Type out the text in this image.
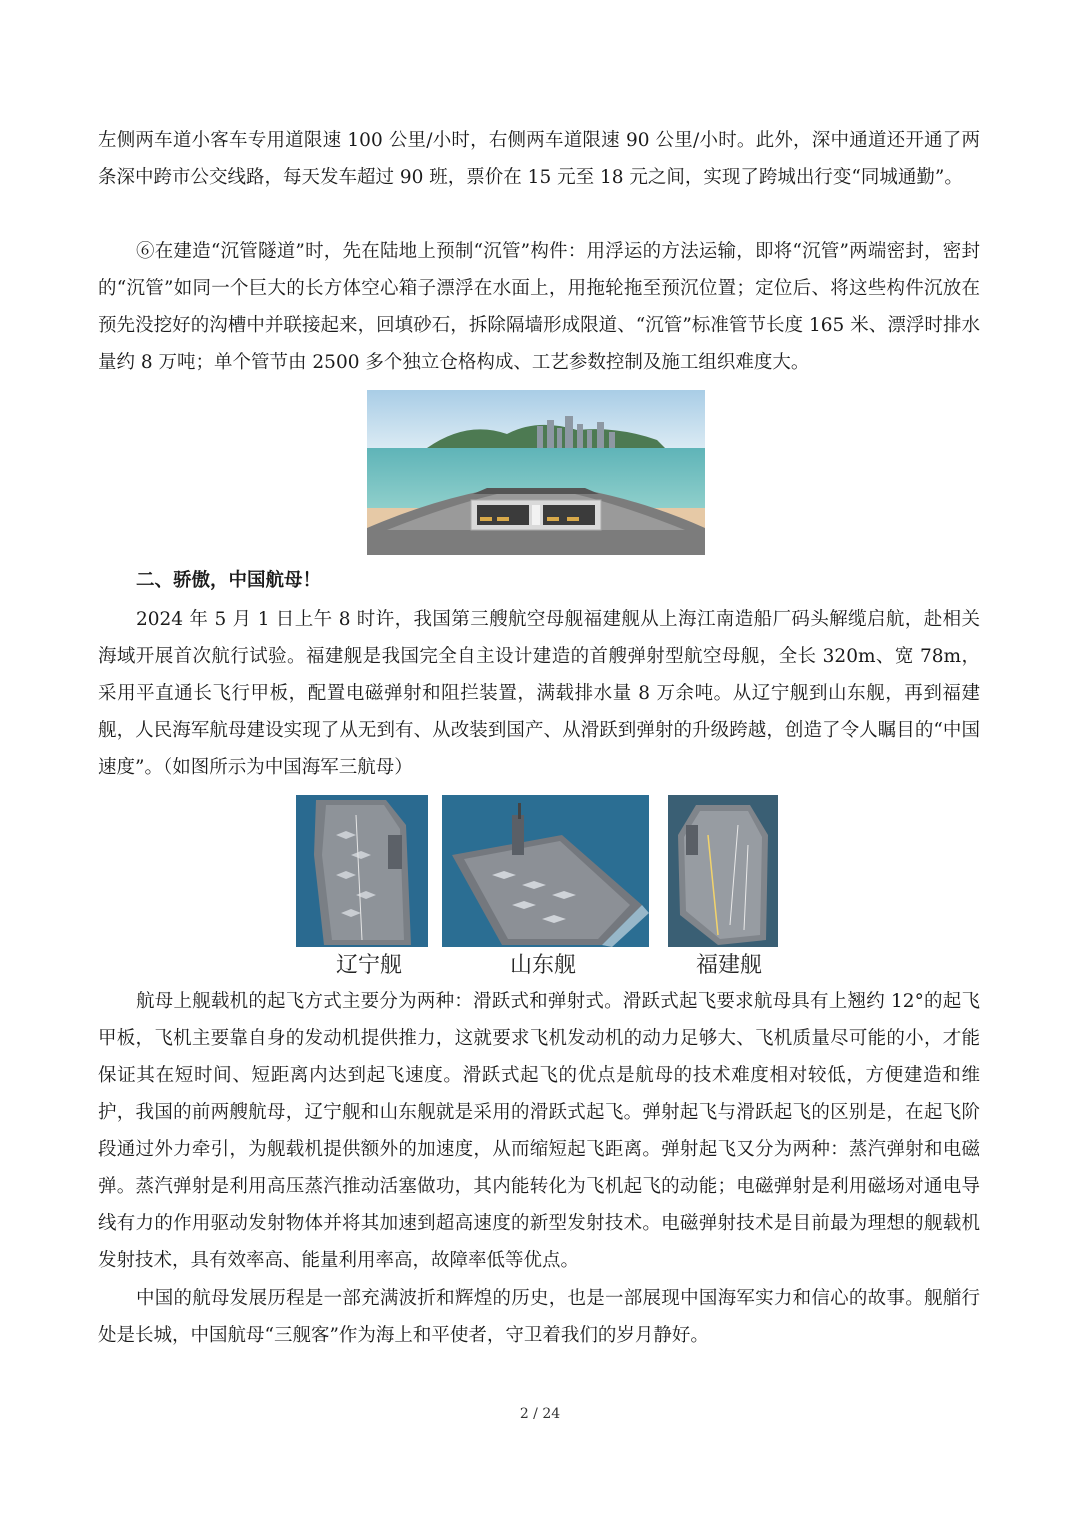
左侧两车道小客车专用道限速 100 公里/小时，右侧两车道限速 90 公里/小时。此外，深中通道还开通了两条深中跨市公交线路，每天发车超过 90 班，票价在 15 元至 18 元之间，实现了跨城出行变“同城通勤”。

⑥在建造“沉管隧道”时，先在陆地上预制“沉管”构件：用浮运的方法运输，即将“沉管”两端密封，密封的“沉管”如同一个巨大的长方体空心箱子漂浮在水面上，用拖轮拖至预沉位置；定位后、将这些构件沉放在预先没挖好的沟槽中并联接起来，回填砂石，拆除隔墙形成限道、“沉管”标准管节长度 165 米、漂浮时排水量约 8 万吨；单个管节由 2500 多个独立仓格构成、工艺参数控制及施工组织难度大。

二、骄傲，中国航母！

2024 年 5 月 1 日上午 8 时许，我国第三艘航空母舰福建舰从上海江南造船厂码头解缆启航，赴相关海域开展首次航行试验。福建舰是我国完全自主设计建造的首艘弹射型航空母舰，全长 320m、宽 78m，采用平直通长飞行甲板，配置电磁弹射和阻拦装置，满载排水量 8 万余吨。从辽宁舰到山东舰，再到福建舰，人民海军航母建设实现了从无到有、从改装到国产、从滑跃到弹射的升级跨越，创造了令人瞩目的“中国速度”。（如图所示为中国海军三航母）

辽宁舰	山东舰	福建舰

航母上舰载机的起飞方式主要分为两种：滑跃式和弹射式。滑跃式起飞要求航母具有上翘约 12°的起飞甲板，飞机主要靠自身的发动机提供推力，这就要求飞机发动机的动力足够大、飞机质量尽可能的小，才能保证其在短时间、短距离内达到起飞速度。滑跃式起飞的优点是航母的技术难度相对较低，方便建造和维护，我国的前两艘航母，辽宁舰和山东舰就是采用的滑跃式起飞。弹射起飞与滑跃起飞的区别是，在起飞阶段通过外力牵引，为舰载机提供额外的加速度，从而缩短起飞距离。弹射起飞又分为两种：蒸汽弹射和电磁弹。蒸汽弹射是利用高压蒸汽推动活塞做功，其内能转化为飞机起飞的动能；电磁弹射是利用磁场对通电导线有力的作用驱动发射物体并将其加速到超高速度的新型发射技术。电磁弹射技术是目前最为理想的舰载机发射技术，具有效率高、能量利用率高，故障率低等优点。

中国的航母发展历程是一部充满波折和辉煌的历史，也是一部展现中国海军实力和信心的故事。舰艏行处是长城，中国航母“三舰客”作为海上和平使者，守卫着我们的岁月静好。

2 / 24
